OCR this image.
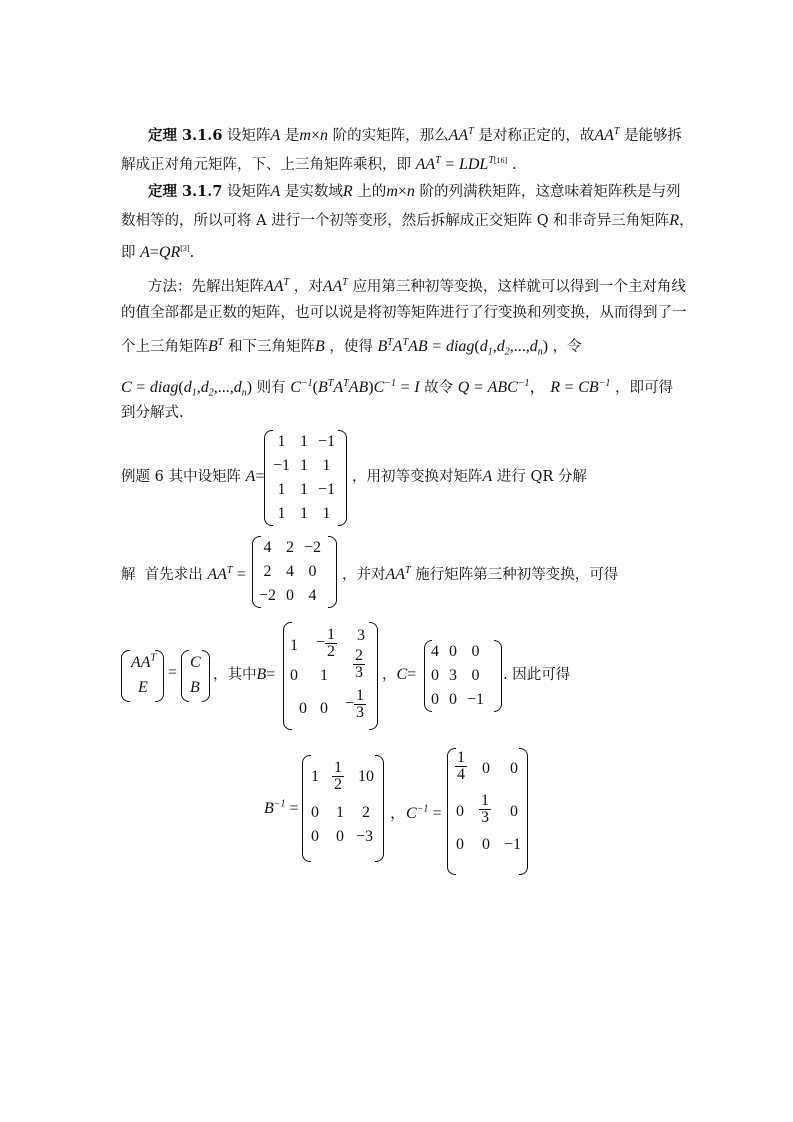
定理 3.1.6 设矩阵A 是m×n 阶的实矩阵，那么$AA^T$ 是对称正定的，故$AA^T$ 是能够拆
解成正对角元矩阵，下、上三角矩阵乘积，即 $AA^T = LDL^{T[16]}$ .
定理 3.1.7 设矩阵A 是实数域R 上的m×n 阶的列满秩矩阵，这意味着矩阵秩是与列
数相等的，所以可将 A 进行一个初等变形，然后拆解成正交矩阵 Q 和非奇异三角矩阵R，
即 A=QR[3].
方法：先解出矩阵$AA^T$ ，对$AA^T$ 应用第三种初等变换，这样就可以得到一个主对角线
的值全部都是正数的矩阵，也可以说是将初等矩阵进行了行变换和列变换，从而得到了一
个上三角矩阵$B^T$ 和下三角矩阵B ，使得 $B^TA^TAB$ = $diag(d_1,d_2,...,d_n)$ ，令
$C = diag(d_1,d_2,...,d_n)$ 则有 $C^{-1}(B^TA^TAB)C^{-1} = I$ 故令 $Q = ABC^{-1}$， $R = CB^{-1}$ ，即可得
到分解式.
例题 6 其中设矩阵 A=
1	1	−1
−1	1	1
1	1	−1
1	1	1
，用初等变换对矩阵A 进行 QR 分解
解 首先求出 $AA^T$ =
4	2	−2
2	4	0
−2	0	4
，并对$AA^T$ 施行矩阵第三种初等变换，可得
$AA^T$
E
=
C
B
，其中B=
$1 - \frac{1}{2} 3$
0 $1 \frac{2}{3}$
0 $0 - \frac{1}{3}$
，C=
4	0	0
0	3	0
0	0	−1
. 因此可得
$B^{-1}$ =
$1 \frac{1}{2} 10$
0 1 2
0 0 −3
，$C^{-1}$ =
$\frac{1}{4} 0$ 0
$0 \frac{1}{3} 0$
0 0 −1
